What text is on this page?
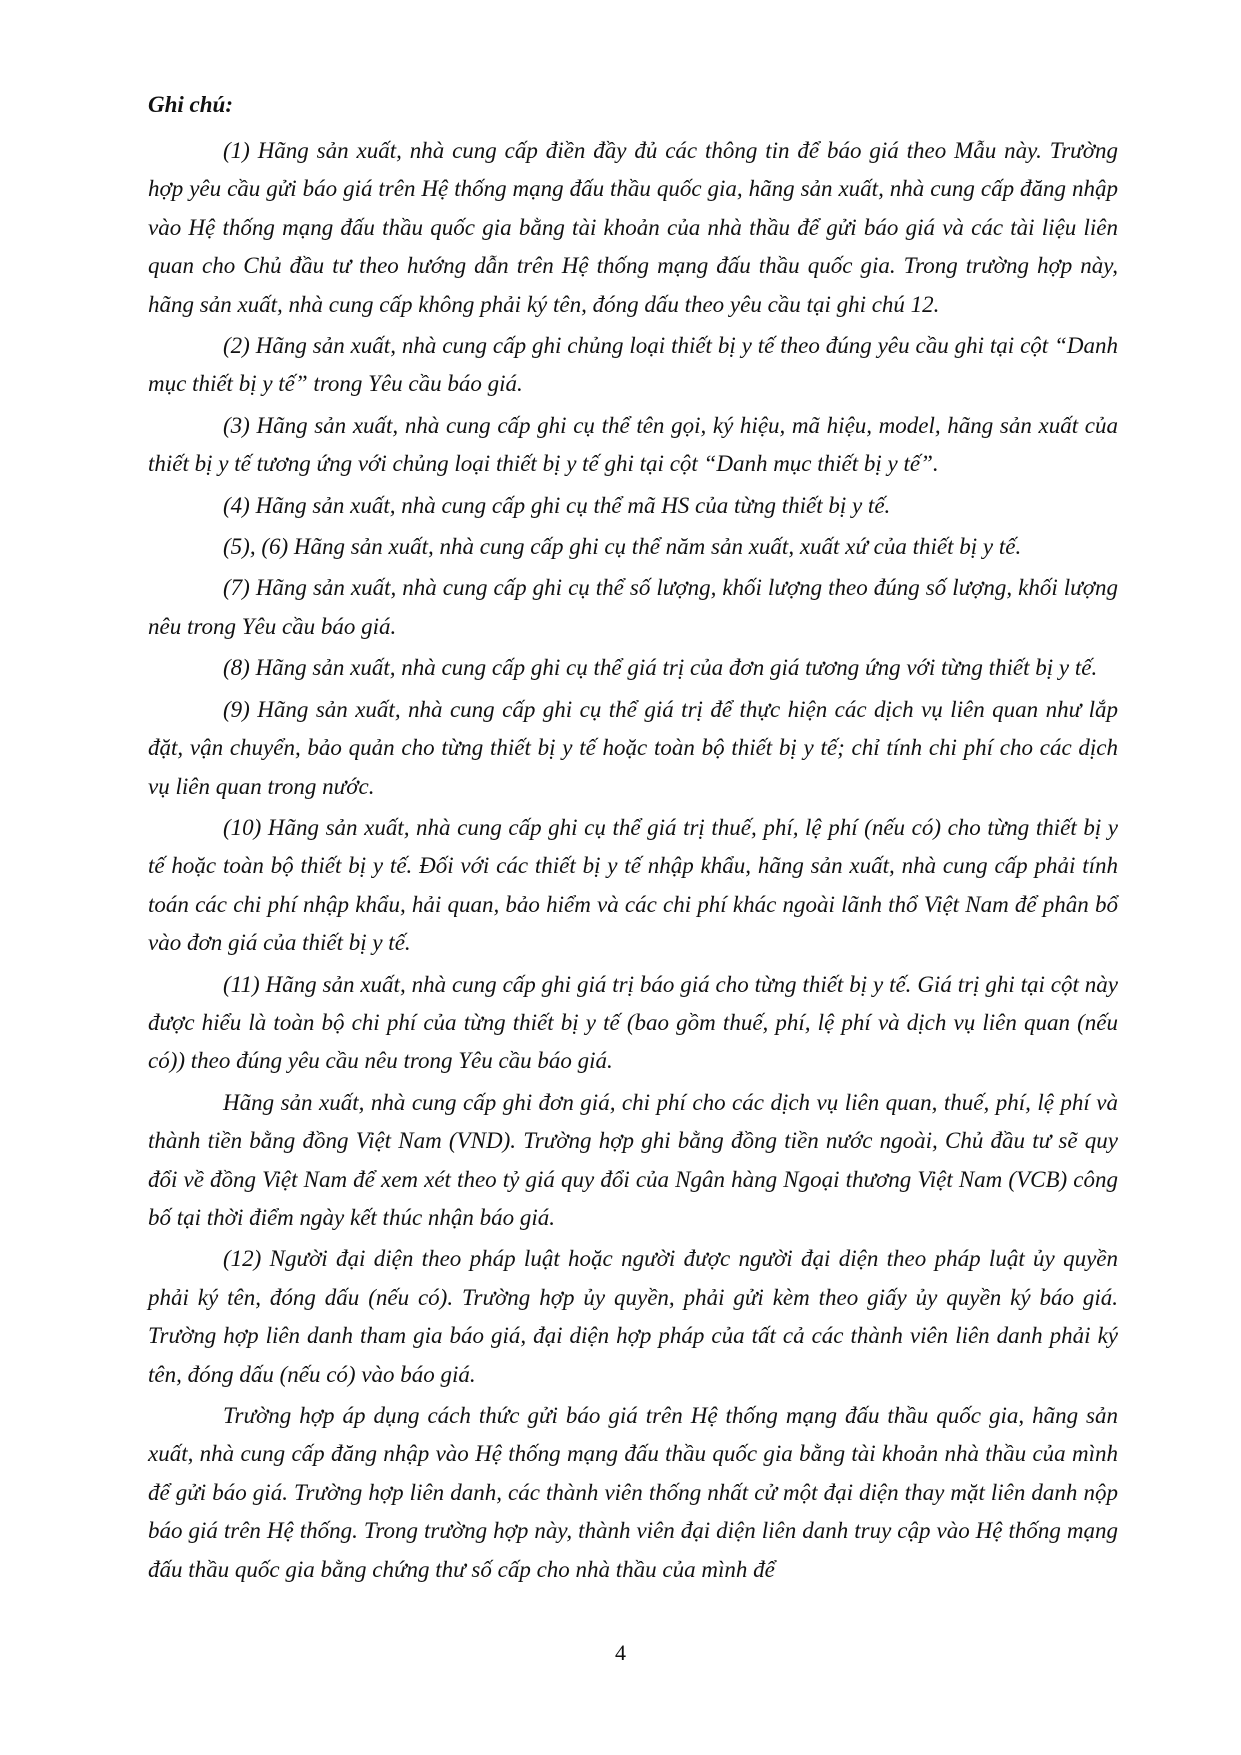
Ghi chú:

(1) Hãng sản xuất, nhà cung cấp điền đầy đủ các thông tin để báo giá theo Mẫu này. Trường hợp yêu cầu gửi báo giá trên Hệ thống mạng đấu thầu quốc gia, hãng sản xuất, nhà cung cấp đăng nhập vào Hệ thống mạng đấu thầu quốc gia bằng tài khoản của nhà thầu để gửi báo giá và các tài liệu liên quan cho Chủ đầu tư theo hướng dẫn trên Hệ thống mạng đấu thầu quốc gia. Trong trường hợp này, hãng sản xuất, nhà cung cấp không phải ký tên, đóng dấu theo yêu cầu tại ghi chú 12.

(2) Hãng sản xuất, nhà cung cấp ghi chủng loại thiết bị y tế theo đúng yêu cầu ghi tại cột “Danh mục thiết bị y tế” trong Yêu cầu báo giá.

(3) Hãng sản xuất, nhà cung cấp ghi cụ thể tên gọi, ký hiệu, mã hiệu, model, hãng sản xuất của thiết bị y tế tương ứng với chủng loại thiết bị y tế ghi tại cột “Danh mục thiết bị y tế”.

(4) Hãng sản xuất, nhà cung cấp ghi cụ thể mã HS của từng thiết bị y tế.

(5), (6) Hãng sản xuất, nhà cung cấp ghi cụ thể năm sản xuất, xuất xứ của thiết bị y tế.

(7) Hãng sản xuất, nhà cung cấp ghi cụ thể số lượng, khối lượng theo đúng số lượng, khối lượng nêu trong Yêu cầu báo giá.

(8) Hãng sản xuất, nhà cung cấp ghi cụ thể giá trị của đơn giá tương ứng với từng thiết bị y tế.

(9) Hãng sản xuất, nhà cung cấp ghi cụ thể giá trị để thực hiện các dịch vụ liên quan như lắp đặt, vận chuyển, bảo quản cho từng thiết bị y tế hoặc toàn bộ thiết bị y tế; chỉ tính chi phí cho các dịch vụ liên quan trong nước.

(10) Hãng sản xuất, nhà cung cấp ghi cụ thể giá trị thuế, phí, lệ phí (nếu có) cho từng thiết bị y tế hoặc toàn bộ thiết bị y tế. Đối với các thiết bị y tế nhập khẩu, hãng sản xuất, nhà cung cấp phải tính toán các chi phí nhập khẩu, hải quan, bảo hiểm và các chi phí khác ngoài lãnh thổ Việt Nam để phân bổ vào đơn giá của thiết bị y tế.

(11) Hãng sản xuất, nhà cung cấp ghi giá trị báo giá cho từng thiết bị y tế. Giá trị ghi tại cột này được hiểu là toàn bộ chi phí của từng thiết bị y tế (bao gồm thuế, phí, lệ phí và dịch vụ liên quan (nếu có)) theo đúng yêu cầu nêu trong Yêu cầu báo giá.

Hãng sản xuất, nhà cung cấp ghi đơn giá, chi phí cho các dịch vụ liên quan, thuế, phí, lệ phí và thành tiền bằng đồng Việt Nam (VND). Trường hợp ghi bằng đồng tiền nước ngoài, Chủ đầu tư sẽ quy đổi về đồng Việt Nam để xem xét theo tỷ giá quy đổi của Ngân hàng Ngoại thương Việt Nam (VCB) công bố tại thời điểm ngày kết thúc nhận báo giá.

(12) Người đại diện theo pháp luật hoặc người được người đại diện theo pháp luật ủy quyền phải ký tên, đóng dấu (nếu có). Trường hợp ủy quyền, phải gửi kèm theo giấy ủy quyền ký báo giá. Trường hợp liên danh tham gia báo giá, đại diện hợp pháp của tất cả các thành viên liên danh phải ký tên, đóng dấu (nếu có) vào báo giá.

Trường hợp áp dụng cách thức gửi báo giá trên Hệ thống mạng đấu thầu quốc gia, hãng sản xuất, nhà cung cấp đăng nhập vào Hệ thống mạng đấu thầu quốc gia bằng tài khoản nhà thầu của mình để gửi báo giá. Trường hợp liên danh, các thành viên thống nhất cử một đại diện thay mặt liên danh nộp báo giá trên Hệ thống. Trong trường hợp này, thành viên đại diện liên danh truy cập vào Hệ thống mạng đấu thầu quốc gia bằng chứng thư số cấp cho nhà thầu của mình để

4
